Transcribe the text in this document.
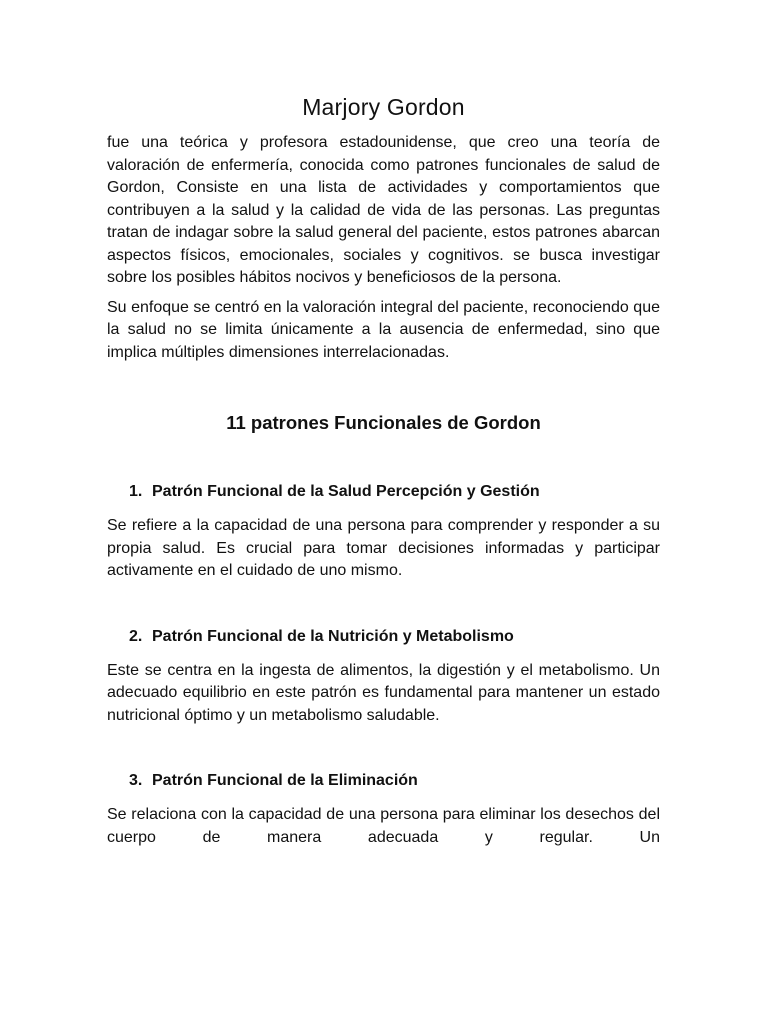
Marjory Gordon

fue una teórica y profesora estadounidense, que creo una teoría de valoración de enfermería, conocida como patrones funcionales de salud de Gordon, Consiste en una lista de actividades y comportamientos que contribuyen a la salud y la calidad de vida de las personas. Las preguntas tratan de indagar sobre la salud general del paciente, estos patrones abarcan aspectos físicos, emocionales, sociales y cognitivos. se busca investigar sobre los posibles hábitos nocivos y beneficiosos de la persona.

Su enfoque se centró en la valoración integral del paciente, reconociendo que la salud no se limita únicamente a la ausencia de enfermedad, sino que implica múltiples dimensiones interrelacionadas.

11 patrones Funcionales de Gordon
1. Patrón Funcional de la Salud Percepción y Gestión

Se refiere a la capacidad de una persona para comprender y responder a su propia salud. Es crucial para tomar decisiones informadas y participar activamente en el cuidado de uno mismo.

2. Patrón Funcional de la Nutrición y Metabolismo

Este se centra en la ingesta de alimentos, la digestión y el metabolismo. Un adecuado equilibrio en este patrón es fundamental para mantener un estado nutricional óptimo y un metabolismo saludable.

3. Patrón Funcional de la Eliminación

Se relaciona con la capacidad de una persona para eliminar los desechos del cuerpo de manera adecuada y regular. Un
